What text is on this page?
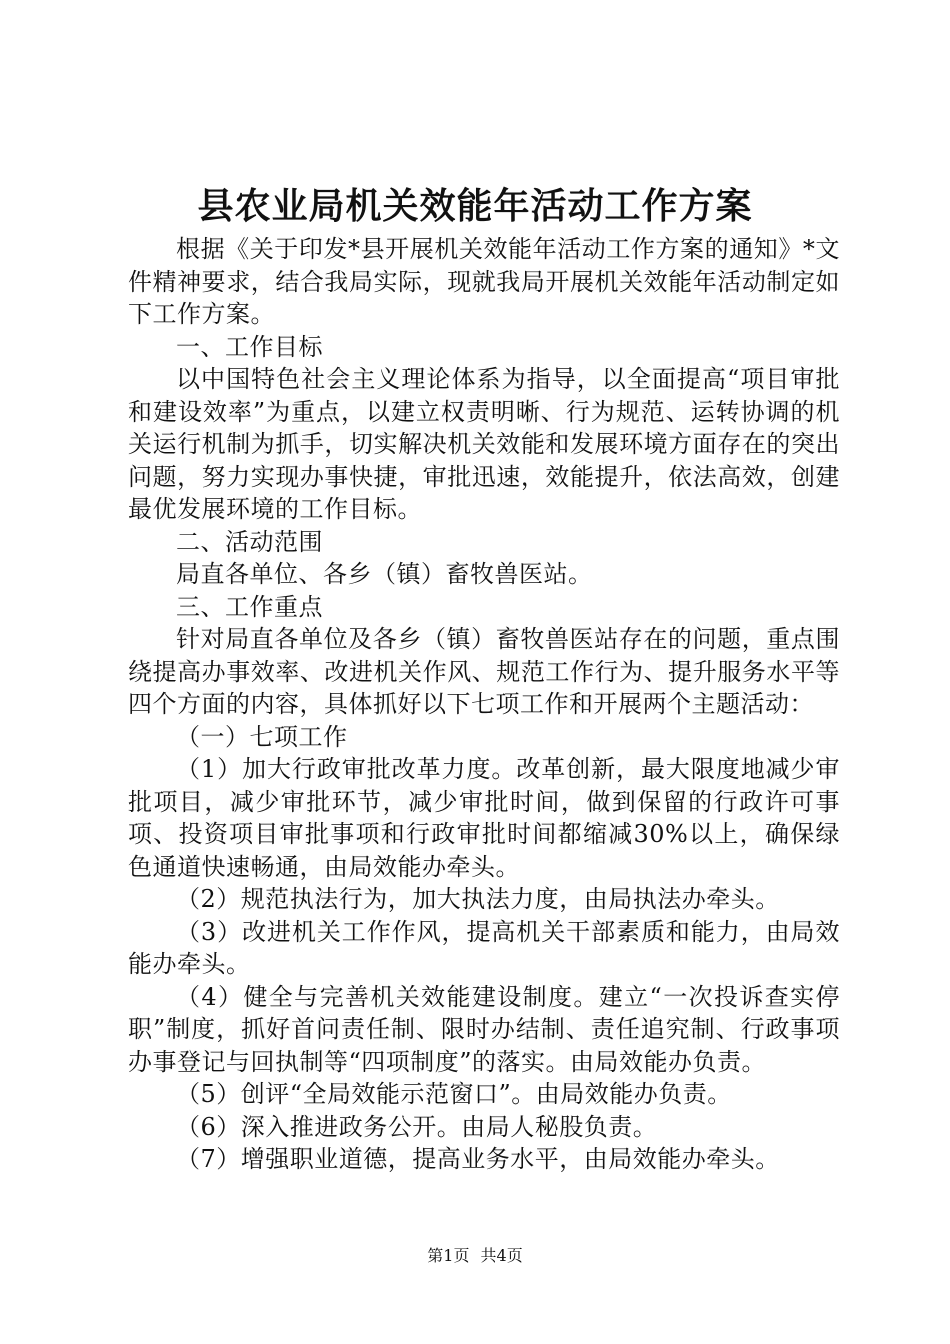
县农业局机关效能年活动工作方案

根据《关于印发*县开展机关效能年活动工作方案的通知》*文件精神要求，结合我局实际，现就我局开展机关效能年活动制定如下工作方案。

一、工作目标

以中国特色社会主义理论体系为指导，以全面提高“项目审批和建设效率”为重点，以建立权责明晰、行为规范、运转协调的机关运行机制为抓手，切实解决机关效能和发展环境方面存在的突出问题，努力实现办事快捷，审批迅速，效能提升，依法高效，创建最优发展环境的工作目标。

二、活动范围

局直各单位、各乡（镇）畜牧兽医站。

三、工作重点

针对局直各单位及各乡（镇）畜牧兽医站存在的问题，重点围绕提高办事效率、改进机关作风、规范工作行为、提升服务水平等四个方面的内容，具体抓好以下七项工作和开展两个主题活动：

（一）七项工作

（1）加大行政审批改革力度。改革创新，最大限度地减少审批项目，减少审批环节，减少审批时间，做到保留的行政许可事项、投资项目审批事项和行政审批时间都缩减30%以上，确保绿色通道快速畅通，由局效能办牵头。

（2）规范执法行为，加大执法力度，由局执法办牵头。

（3）改进机关工作作风，提高机关干部素质和能力，由局效能办牵头。

（4）健全与完善机关效能建设制度。建立“一次投诉查实停职”制度，抓好首问责任制、限时办结制、责任追究制、行政事项办事登记与回执制等“四项制度”的落实。由局效能办负责。

（5）创评“全局效能示范窗口”。由局效能办负责。

（6）深入推进政务公开。由局人秘股负责。

（7）增强职业道德，提高业务水平，由局效能办牵头。

第1页 共4页
